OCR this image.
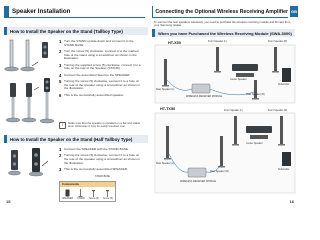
Speaker Installation
How to Install the Speaker on the Stand (Tallboy Type)
1 Turn the STAND upside-down and connect it to the STAND BASE.
2 Turn the screw (5) clockwise. Connect it to the marked hole of the stand using a screwdriver as shown in the illustration.
3 Turning the supplied screw (5) clockwise, connect it to a hole on the rear of the Speaker (STAND).
4 Connect the assembled Stand to the SPEAKER.
5 Turning the screw (5) clockwise, connect it to a hole on the rear of the speaker using a screwdriver as shown in the illustration.
6 This is the successfully assembled speaker.
!	Make sure that the speaker is installed on a flat and stable area. Otherwise it may be easily knocked over.
How to Install the Speaker on the Stand (Half Tallboy Type)
1 Connect the SPEAKER with the STAND BASE.
2 Turning the screw (5) clockwise, connect it to a hole on the rear of the speaker using a screwdriver as shown in the illustration.
3 This is the successfully assembled SPEAKER.
Components
SPEAKER STAND Screw (5) Screw (5)
STAND BASE
15
Connecting the Optional Wireless Receiving Amplifier GB
To connect the rear speakers wirelessly, you need to purchase the wireless receiving module and ID card from your Samsung retailer.
When you have Purchased the Wireless Receiving Module (SWA-3000)
HT-X50	Front Speaker (L)	Front Speaker (R)
Center Speaker
Subwoofer
Rear Speaker (L)
Rear Speaker (R)
WIRELESS RECEIVER MODULE
HT-TX50	Front Speaker (L)	Front Speaker (R)
Center Speaker
Subwoofer
Rear Speaker (L)
Rear Speaker (R)
WIRELESS RECEIVER MODULE
16
